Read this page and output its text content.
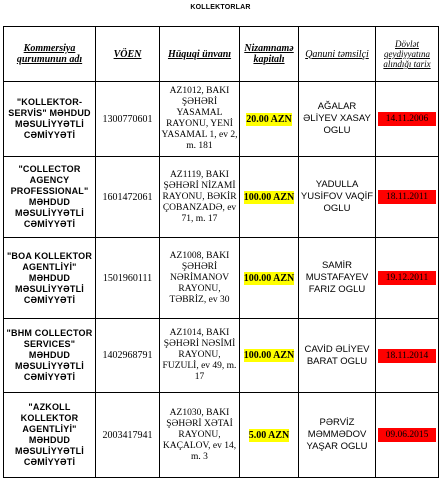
KOLLEKTORLAR
Kommersiya qurumunun adı	VÖEN	Hüquqi ünvanı	Nizamnamə kapitalı	Qanuni təmsilçi	Dövlət qeydiyyatına alındığı tarix
"KOLLEKTOR-SERVİS" MƏHDUD MƏSULİYYƏTLİ CƏMİYYƏTİ	1300770601	AZ1012, BAKI ŞƏHƏRİ YASAMAL RAYONU, YENİ YASAMAL 1, ev 2, m. 181	20.00 AZN	AĞALAR ƏLİYEV XASAY OGLU	14.11.2006
"COLLECTOR AGENCY PROFESSIONAL" MƏHDUD MƏSULİYYƏTLİ CƏMİYYƏTİ	1601472061	AZ1119, BAKI ŞƏHƏRİ NİZAMİ RAYONU, BƏKİR ÇOBANZADƏ, ev 71, m. 17	100.00 AZN	YADULLA YUSİFOV VAQİF OGLU	18.11.2011
"BOA KOLLEKTOR AGENTLİYİ" MƏHDUD MƏSULİYYƏTLİ CƏMİYYƏTİ	1501960111	AZ1008, BAKI ŞƏHƏRİ NƏRİMANOV RAYONU, TƏBRİZ, ev 30	100.00 AZN	SAMİR MUSTAFAYEV FARIZ OGLU	19.12.2011
"BHM COLLECTOR SERVICES" MƏHDUD MƏSULİYYƏTLİ CƏMİYYƏTİ	1402968791	AZ1014, BAKI ŞƏHƏRİ NƏSİMİ RAYONU, FUZULİ, ev 49, m. 17	100.00 AZN	CAVİD ƏLİYEV BARAT OGLU	18.11.2014
"AZKOLL KOLLEKTOR AGENTLİYİ" MƏHDUD MƏSULİYYƏTLİ CƏMİYYƏTİ	2003417941	AZ1030, BAKI ŞƏHƏRİ XƏTAİ RAYONU, KAÇALOV, ev 14, m. 3	5.00 AZN	PƏRVİZ MƏMMƏDOV YAŞAR OGLU	09.06.2015
